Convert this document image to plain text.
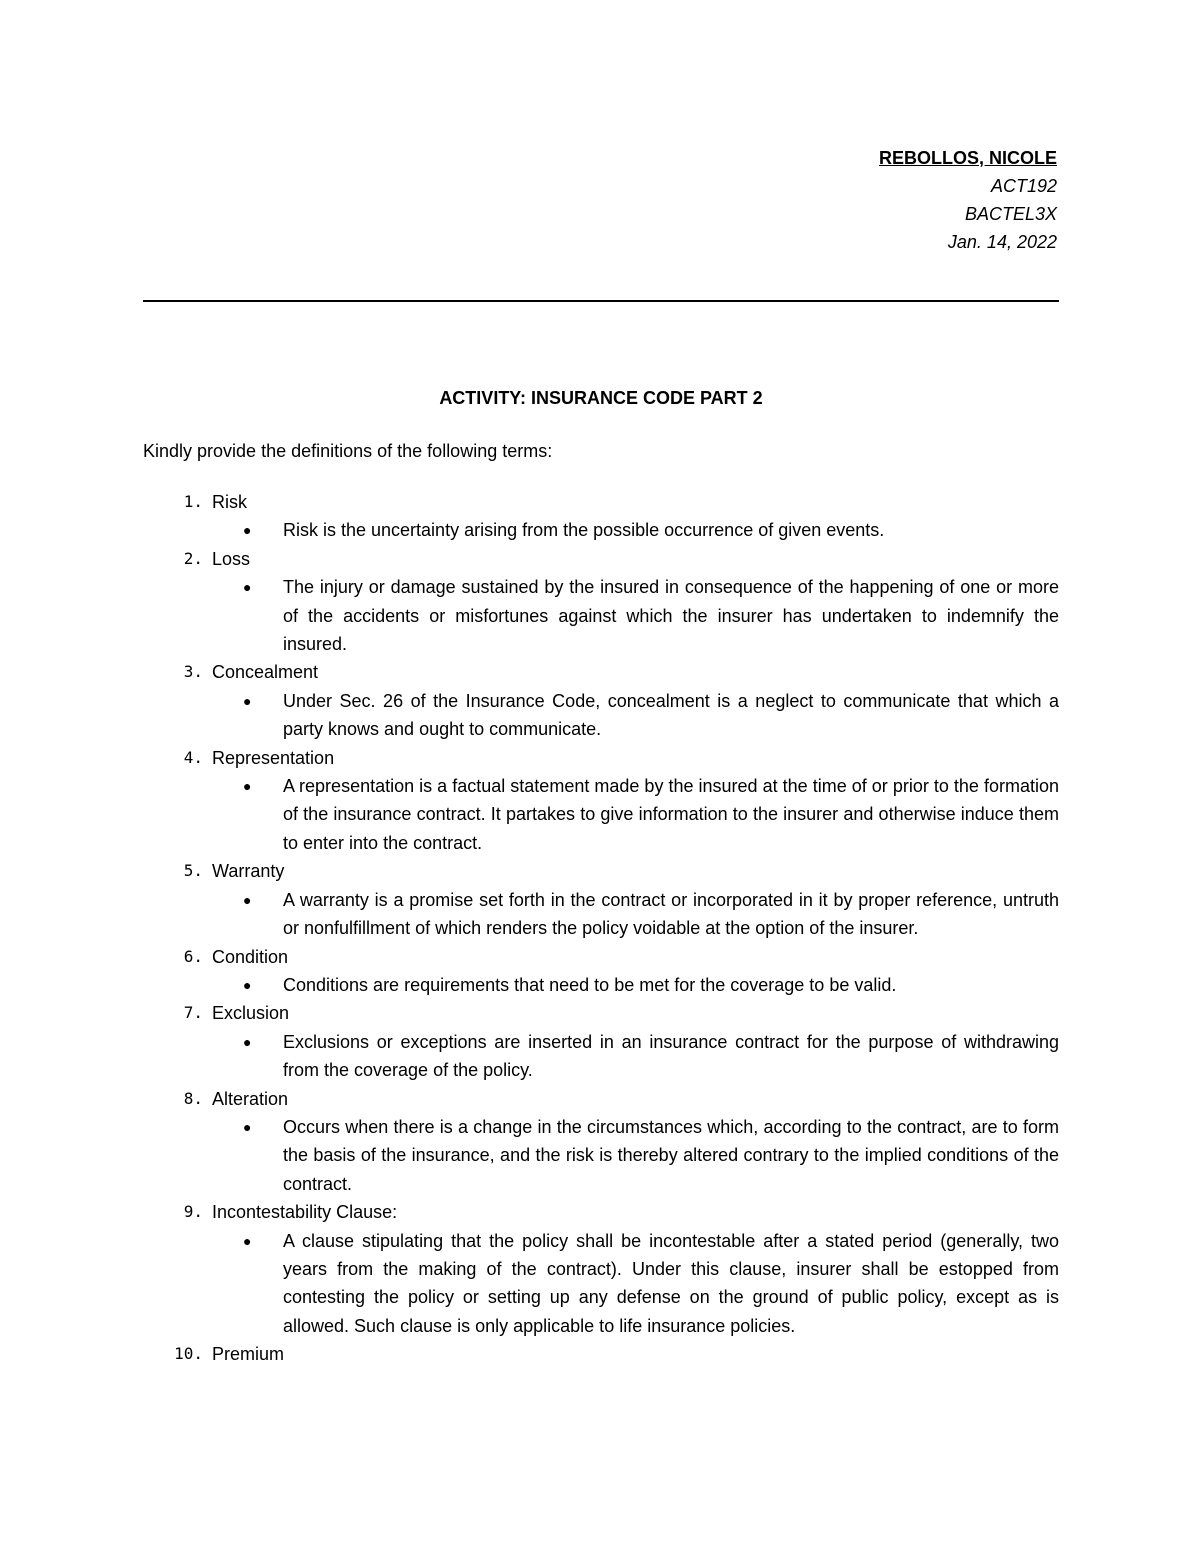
REBOLLOS, NICOLE
ACT192
BACTEL3X
Jan. 14, 2022
ACTIVITY: INSURANCE CODE PART 2
Kindly provide the definitions of the following terms:
1. Risk
● Risk is the uncertainty arising from the possible occurrence of given events.
2. Loss
● The injury or damage sustained by the insured in consequence of the happening of one or more of the accidents or misfortunes against which the insurer has undertaken to indemnify the insured.
3. Concealment
● Under Sec. 26 of the Insurance Code, concealment is a neglect to communicate that which a party knows and ought to communicate.
4. Representation
● A representation is a factual statement made by the insured at the time of or prior to the formation of the insurance contract. It partakes to give information to the insurer and otherwise induce them to enter into the contract.
5. Warranty
● A warranty is a promise set forth in the contract or incorporated in it by proper reference, untruth or nonfulfillment of which renders the policy voidable at the option of the insurer.
6. Condition
● Conditions are requirements that need to be met for the coverage to be valid.
7. Exclusion
● Exclusions or exceptions are inserted in an insurance contract for the purpose of withdrawing from the coverage of the policy.
8. Alteration
● Occurs when there is a change in the circumstances which, according to the contract, are to form the basis of the insurance, and the risk is thereby altered contrary to the implied conditions of the contract.
9. Incontestability Clause:
● A clause stipulating that the policy shall be incontestable after a stated period (generally, two years from the making of the contract). Under this clause, insurer shall be estopped from contesting the policy or setting up any defense on the ground of public policy, except as is allowed. Such clause is only applicable to life insurance policies.
10. Premium
